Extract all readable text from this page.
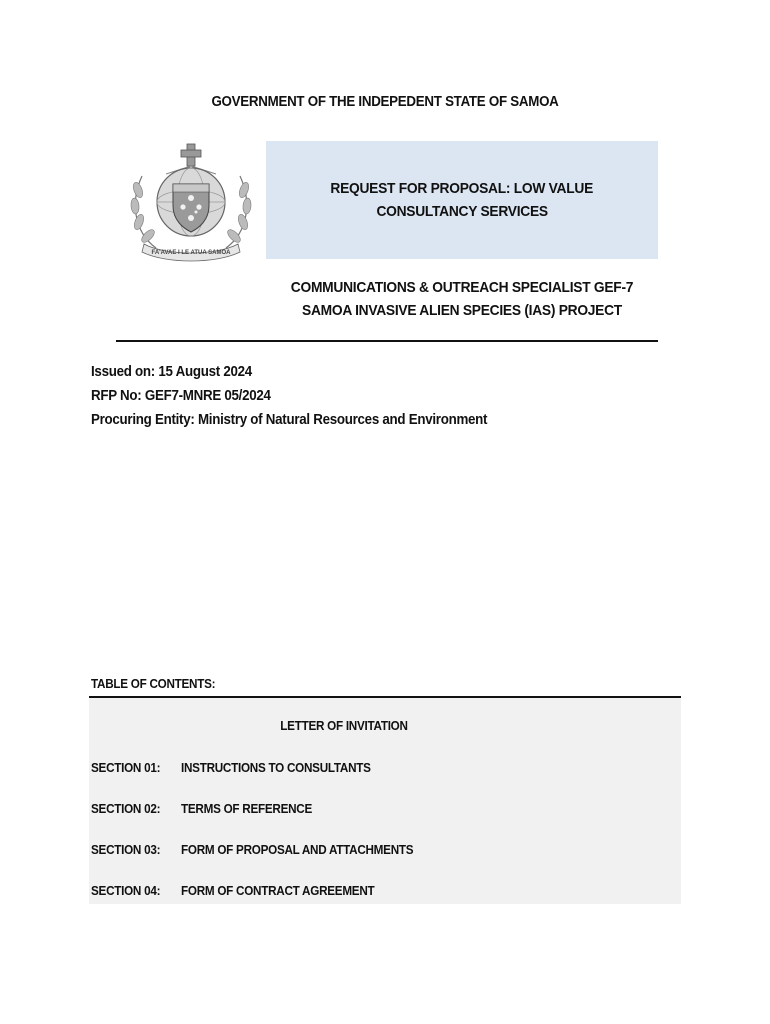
GOVERNMENT OF THE INDEPEDENT STATE OF SAMOA
FA'AVAE I LE ATUA SAMOA
REQUEST FOR PROPOSAL: LOW VALUE
CONSULTANCY SERVICES
COMMUNICATIONS & OUTREACH SPECIALIST GEF-7
SAMOA INVASIVE ALIEN SPECIES (IAS) PROJECT
Issued on: 15 August 2024
RFP No: GEF7-MNRE 05/2024
Procuring Entity: Ministry of Natural Resources and Environment
TABLE OF CONTENTS:
LETTER OF INVITATION
SECTION 01:	INSTRUCTIONS TO CONSULTANTS
SECTION 02:	TERMS OF REFERENCE
SECTION 03:	FORM OF PROPOSAL AND ATTACHMENTS
SECTION 04:	FORM OF CONTRACT AGREEMENT
